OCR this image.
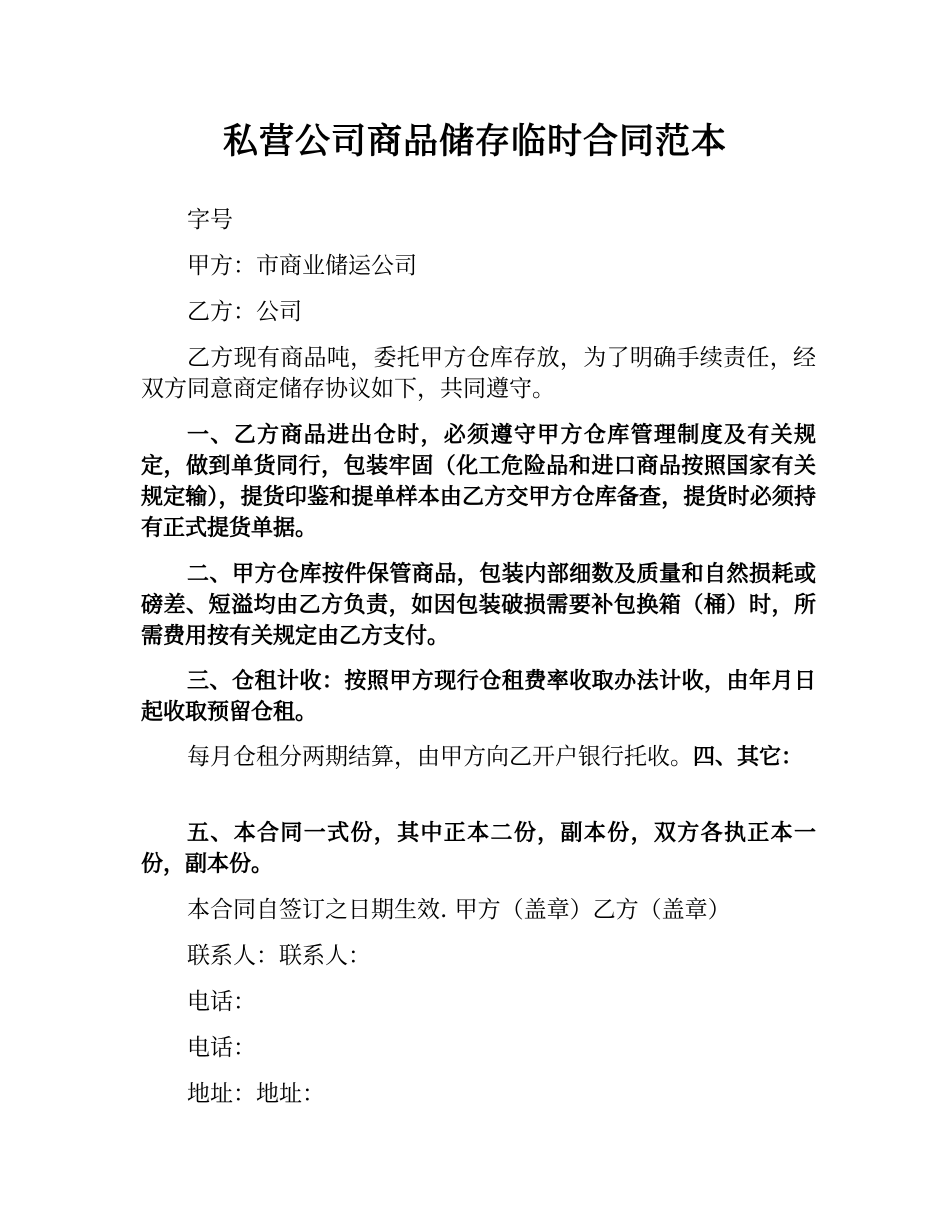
私营公司商品储存临时合同范本

字号

甲方：市商业储运公司

乙方：公司

乙方现有商品吨，委托甲方仓库存放，为了明确手续责任，经双方同意商定储存协议如下，共同遵守。

一、乙方商品进出仓时，必须遵守甲方仓库管理制度及有关规定，做到单货同行，包装牢固（化工危险品和进口商品按照国家有关规定输），提货印鉴和提单样本由乙方交甲方仓库备查，提货时必须持有正式提货单据。

二、甲方仓库按件保管商品，包装内部细数及质量和自然损耗或磅差、短溢均由乙方负责，如因包装破损需要补包换箱（桶）时，所需费用按有关规定由乙方支付。

三、仓租计收：按照甲方现行仓租费率收取办法计收，由年月日起收取预留仓租。

每月仓租分两期结算，由甲方向乙开户银行托收。四、其它：

五、本合同一式份，其中正本二份，副本份，双方各执正本一份，副本份。

本合同自签订之日期生效. 甲方（盖章）乙方（盖章）

联系人：联系人：

电话：

电话：

地址：地址：
